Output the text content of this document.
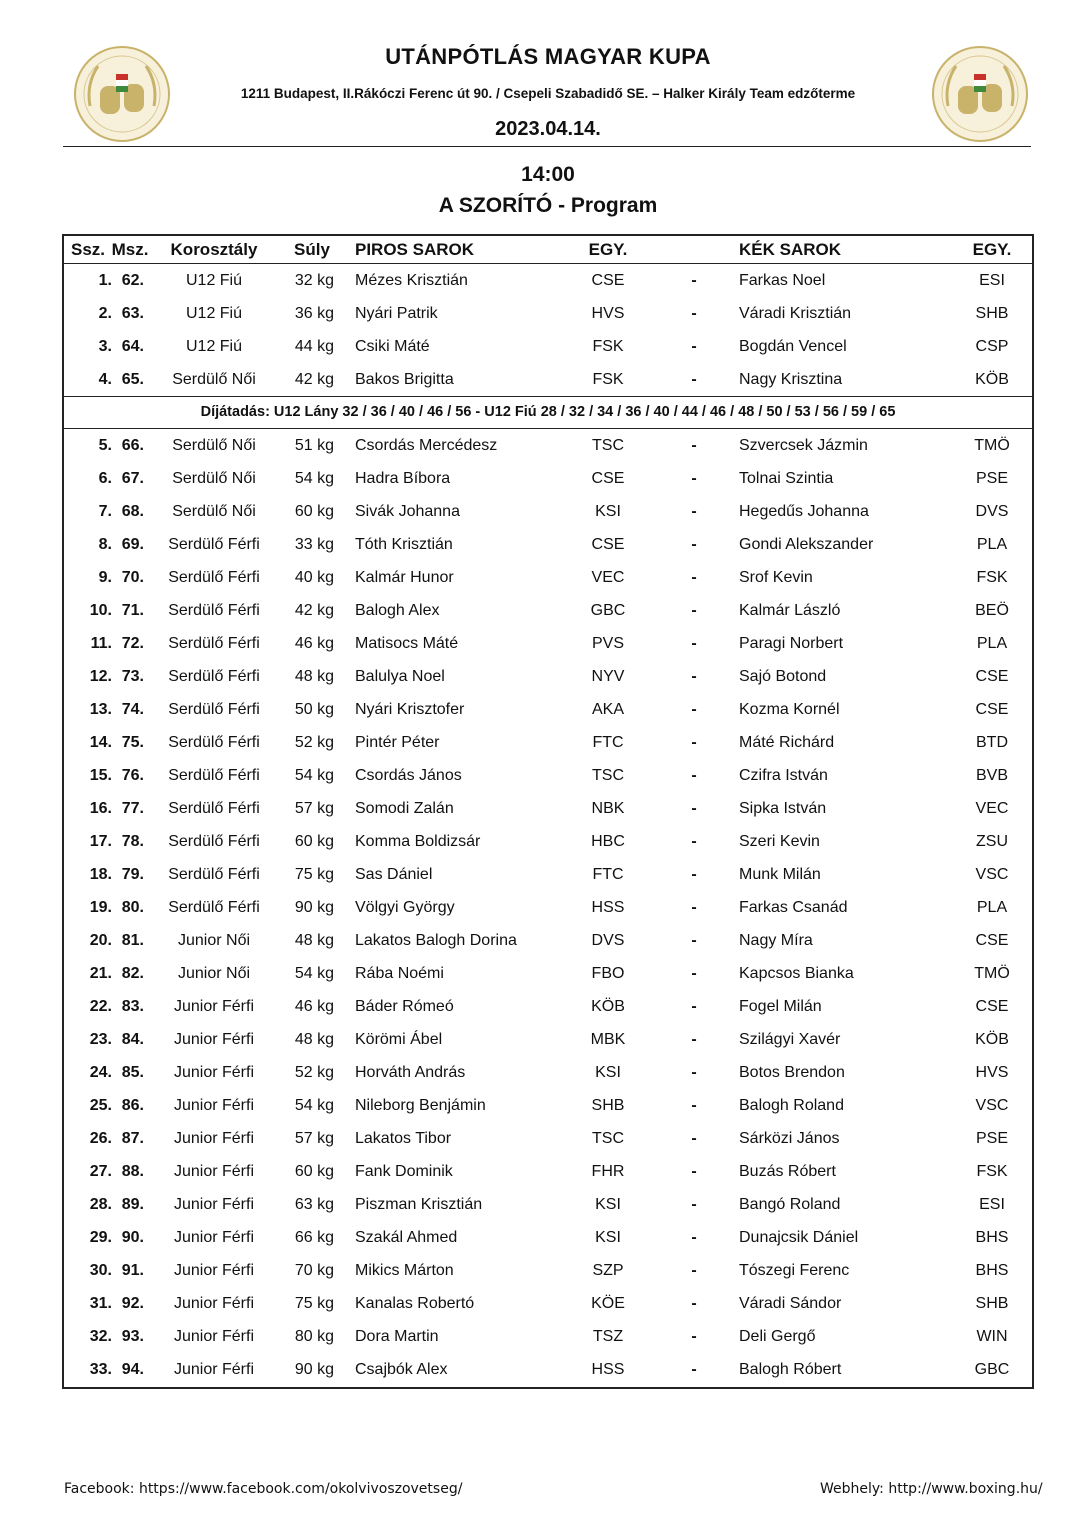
UTÁNPÓTLÁS MAGYAR KUPA
1211 Budapest, II.Rákóczi Ferenc út 90. / Csepeli Szabadidő SE. – Halker Király Team edzőterme
2023.04.14.
14:00
A SZORÍTÓ - Program
Ssz. Msz.	Korosztály	Súly	PIROS SAROK	EGY.	KÉK SAROK	EGY.
1. 62.	U12 Fiú	32 kg Mézes Krisztián	CSE	-	Farkas Noel	ESI
2. 63.	U12 Fiú	36 kg Nyári Patrik	HVS	-	Váradi Krisztián	SHB
3. 64.	U12 Fiú	44 kg Csiki Máté	FSK	-	Bogdán Vencel	CSP
4. 65.	Serdülő Női	42 kg Bakos Brigitta	FSK	-	Nagy Krisztina	KÖB
Díjátadás: U12 Lány 32 / 36 / 40 / 46 / 56 - U12 Fiú 28 / 32 / 34 / 36 / 40 / 44 / 46 / 48 / 50 / 53 / 56 / 59 / 65
5. 66.	Serdülő Női	51 kg Csordás Mercédesz	TSC	-	Szvercsek Jázmin	TMÖ
6. 67.	Serdülő Női	54 kg Hadra Bíbora	CSE	-	Tolnai Szintia	PSE
7. 68.	Serdülő Női	60 kg Sivák Johanna	KSI	-	Hegedűs Johanna	DVS
8. 69.	Serdülő Férfi	33 kg Tóth Krisztián	CSE	-	Gondi Alekszander	PLA
9. 70.	Serdülő Férfi	40 kg Kalmár Hunor	VEC	-	Srof Kevin	FSK
10. 71.	Serdülő Férfi	42 kg Balogh Alex	GBC	-	Kalmár László	BEÖ
11. 72.	Serdülő Férfi	46 kg Matisocs Máté	PVS	-	Paragi Norbert	PLA
12. 73.	Serdülő Férfi	48 kg Balulya Noel	NYV	-	Sajó Botond	CSE
13. 74.	Serdülő Férfi	50 kg Nyári Krisztofer	AKA	-	Kozma Kornél	CSE
14. 75.	Serdülő Férfi	52 kg Pintér Péter	FTC	-	Máté Richárd	BTD
15. 76.	Serdülő Férfi	54 kg Csordás János	TSC	-	Czifra István	BVB
16. 77.	Serdülő Férfi	57 kg Somodi Zalán	NBK	-	Sipka István	VEC
17. 78.	Serdülő Férfi	60 kg Komma Boldizsár	HBC	-	Szeri Kevin	ZSU
18. 79.	Serdülő Férfi	75 kg Sas Dániel	FTC	-	Munk Milán	VSC
19. 80.	Serdülő Férfi	90 kg Völgyi György	HSS	-	Farkas Csanád	PLA
20. 81.	Junior Női	48 kg Lakatos Balogh Dorina	DVS	-	Nagy Míra	CSE
21. 82.	Junior Női	54 kg Rába Noémi	FBO	-	Kapcsos Bianka	TMÖ
22. 83.	Junior Férfi	46 kg Báder Rómeó	KÖB	-	Fogel Milán	CSE
23. 84.	Junior Férfi	48 kg Körömi Ábel	MBK	-	Szilágyi Xavér	KÖB
24. 85.	Junior Férfi	52 kg Horváth András	KSI	-	Botos Brendon	HVS
25. 86.	Junior Férfi	54 kg Nileborg Benjámin	SHB	-	Balogh Roland	VSC
26. 87.	Junior Férfi	57 kg Lakatos Tibor	TSC	-	Sárközi János	PSE
27. 88.	Junior Férfi	60 kg Fank Dominik	FHR	-	Buzás Róbert	FSK
28. 89.	Junior Férfi	63 kg Piszman Krisztián	KSI	-	Bangó Roland	ESI
29. 90.	Junior Férfi	66 kg Szakál Ahmed	KSI	-	Dunajcsik Dániel	BHS
30. 91.	Junior Férfi	70 kg Mikics Márton	SZP	-	Tószegi Ferenc	BHS
31. 92.	Junior Férfi	75 kg Kanalas Robertó	KÖE	-	Váradi Sándor	SHB
32. 93.	Junior Férfi	80 kg Dora Martin	TSZ	-	Deli Gergő	WIN
33. 94.	Junior Férfi	90 kg Csajbók Alex	HSS	-	Balogh Róbert	GBC
Facebook: https://www.facebook.com/okolvivoszovetseg/	Webhely: http://www.boxing.hu/
